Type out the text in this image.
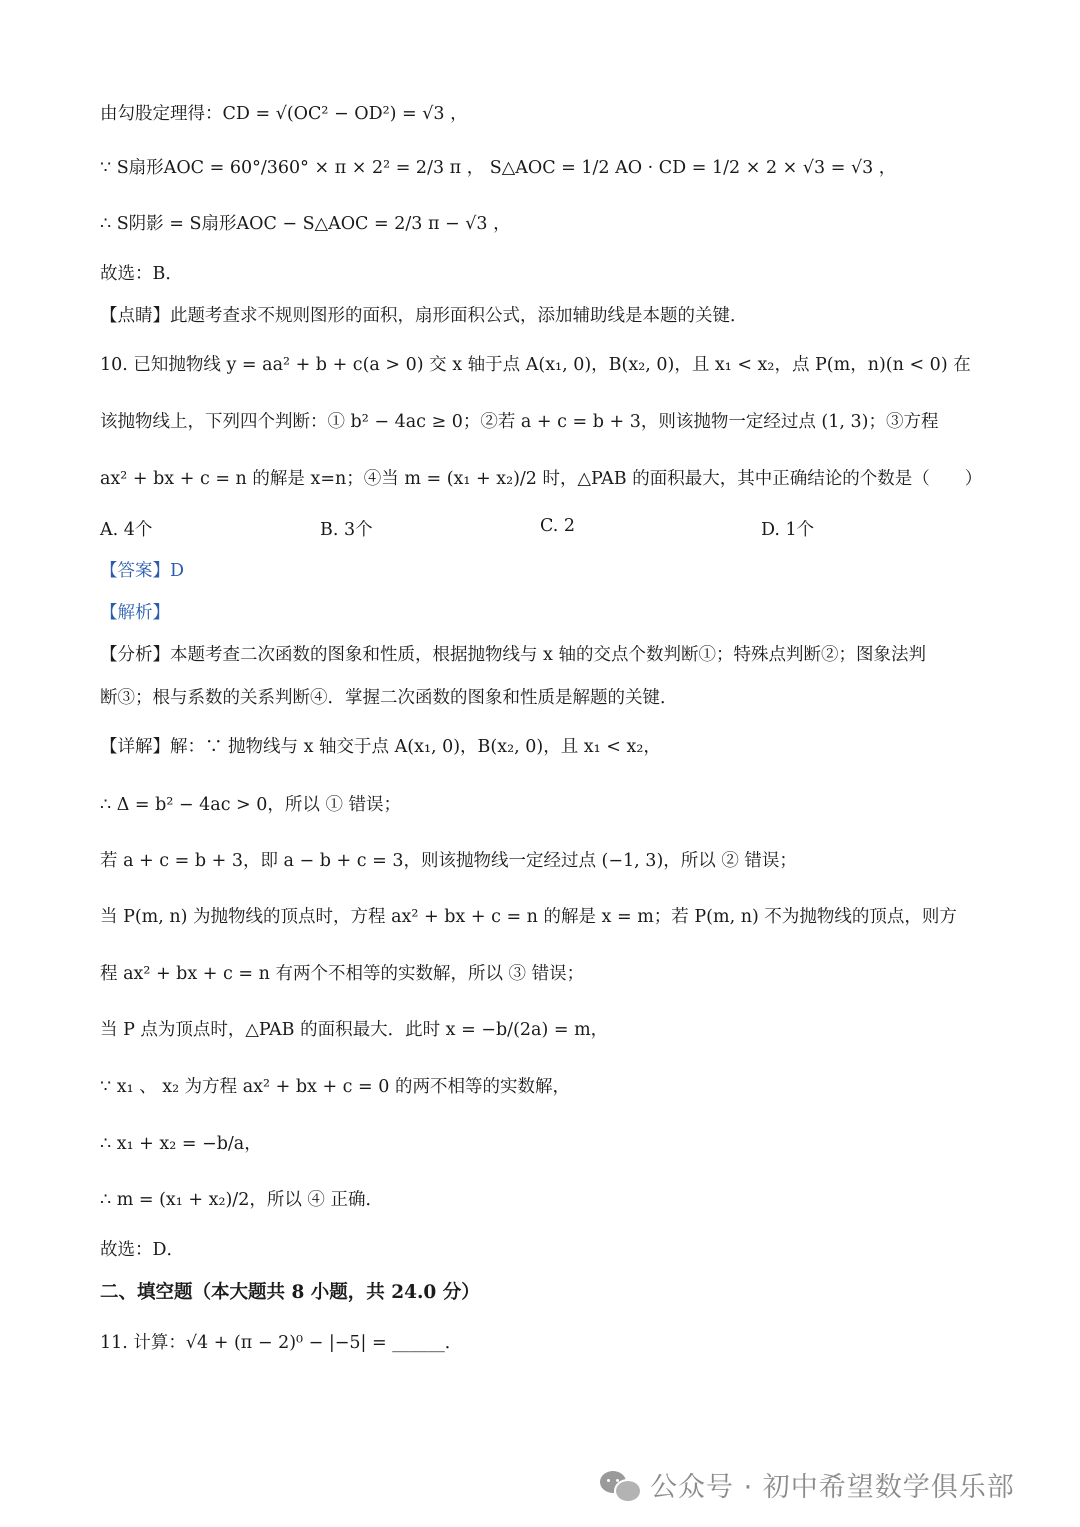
由勾股定理得：CD = √(OC² − OD²) = √3 ，
∵ S扇形AOC = 60°/360° × π × 2² = 2/3 π ， S△AOC = 1/2 AO · CD = 1/2 × 2 × √3 = √3 ，
∴ S阴影 = S扇形AOC − S△AOC = 2/3 π − √3 ，
故选：B．
【点睛】此题考查求不规则图形的面积，扇形面积公式，添加辅助线是本题的关键．
10. 已知抛物线 y = aa² + b + c(a > 0) 交 x 轴于点 A(x₁, 0)，B(x₂, 0)，且 x₁ < x₂，点 P(m，n)(n < 0) 在
该抛物线上，下列四个判断：① b² − 4ac ≥ 0；②若 a + c = b + 3，则该抛物一定经过点 (1, 3)；③方程
ax² + bx + c = n 的解是 x=n；④当 m = (x₁ + x₂)/2 时，△PAB 的面积最大，其中正确结论的个数是（　　）
A. 4个	B. 3个	C. 2	D. 1个
【答案】D
【解析】
【分析】本题考查二次函数的图象和性质，根据抛物线与 x 轴的交点个数判断①；特殊点判断②；图象法判
断③；根与系数的关系判断④．掌握二次函数的图象和性质是解题的关键．
【详解】解：∵ 抛物线与 x 轴交于点 A(x₁, 0)，B(x₂, 0)，且 x₁ < x₂，
∴ Δ = b² − 4ac > 0，所以 ① 错误；
若 a + c = b + 3，即 a − b + c = 3，则该抛物线一定经过点 (−1, 3)，所以 ② 错误；
当 P(m, n) 为抛物线的顶点时，方程 ax² + bx + c = n 的解是 x = m；若 P(m, n) 不为抛物线的顶点，则方
程 ax² + bx + c = n 有两个不相等的实数解，所以 ③ 错误；
当 P 点为顶点时，△PAB 的面积最大．此时 x = −b/(2a) = m，
∵ x₁ 、 x₂ 为方程 ax² + bx + c = 0 的两不相等的实数解，
∴ x₁ + x₂ = −b/a，
∴ m = (x₁ + x₂)/2，所以 ④ 正确．
故选：D．
二、填空题（本大题共 8 小题，共 24.0 分）
11. 计算：√4 + (π − 2)⁰ − |−5| = ______．
公众号 · 初中希望数学俱乐部
